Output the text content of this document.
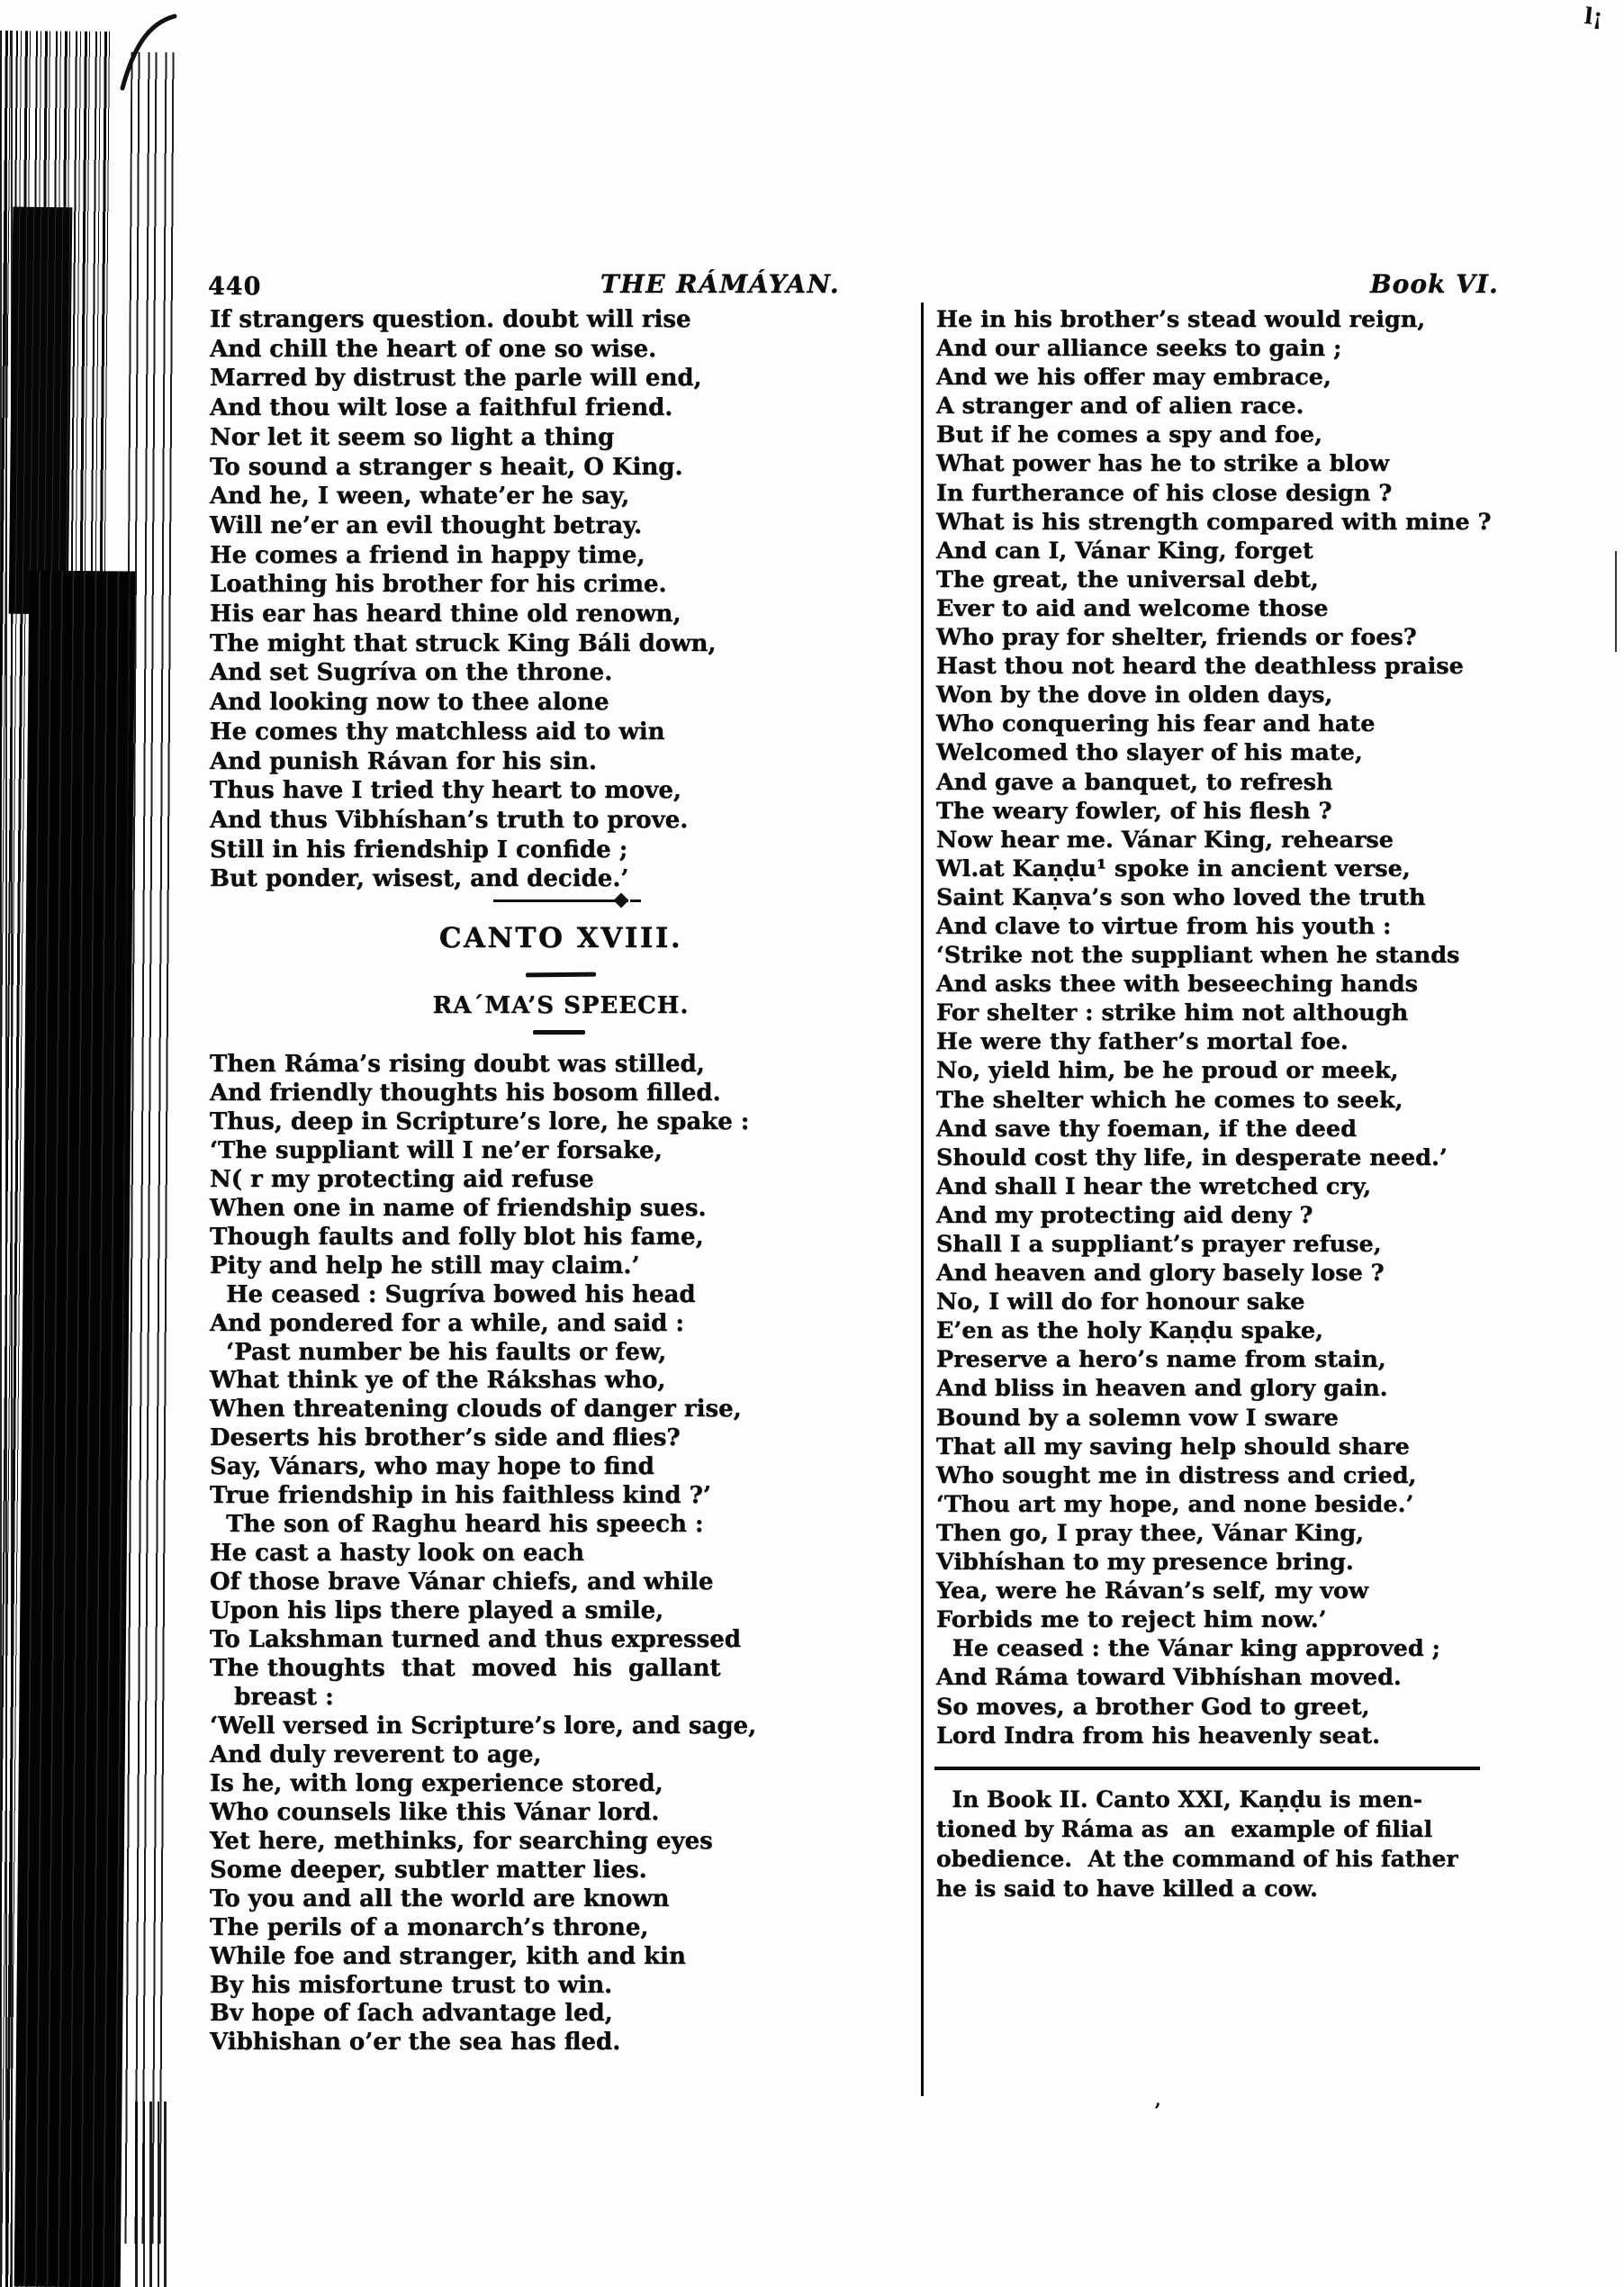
l¡
’
440	THE RÁMÁYAN.	Book VI.
If strangers question. doubt will rise
And chill the heart of one so wise.
Marred by distrust the parle will end,
And thou wilt lose a faithful friend.
Nor let it seem so light a thing
To sound a stranger s heait, O King.
And he, I ween, whate’er he say,
Will ne’er an evil thought betray.
He comes a friend in happy time,
Loathing his brother for his crime.
His ear has heard thine old renown,
The might that struck King Báli down,
And set Sugríva on the throne.
And looking now to thee alone
He comes thy matchless aid to win
And punish Rávan for his sin.
Thus have I tried thy heart to move,
And thus Vibhíshan’s truth to prove.
Still in his friendship I confide ;
But ponder, wisest, and decide.’
CANTO XVIII.
RA´MA’S SPEECH.
Then Ráma’s rising doubt was stilled,
And friendly thoughts his bosom filled.
Thus, deep in Scripture’s lore, he spake :
‘The suppliant will I ne’er forsake,
N( r my protecting aid refuse
When one in name of friendship sues.
Though faults and folly blot his fame,
Pity and help he still may claim.’
He ceased : Sugríva bowed his head
And pondered for a while, and said :
‘Past number be his faults or few,
What think ye of the Rákshas who,
When threatening clouds of danger rise,
Deserts his brother’s side and flies?
Say, Vánars, who may hope to find
True friendship in his faithless kind ?’
The son of Raghu heard his speech :
He cast a hasty look on each
Of those brave Vánar chiefs, and while
Upon his lips there played a smile,
To Lakshman turned and thus expressed
The thoughts  that  moved  his  gallant
breast :
‘Well versed in Scripture’s lore, and sage,
And duly reverent to age,
Is he, with long experience stored,
Who counsels like this Vánar lord.
Yet here, methinks, for searching eyes
Some deeper, subtler matter lies.
To you and all the world are known
The perils of a monarch’s throne,
While foe and stranger, kith and kin
By his misfortune trust to win.
Bv hope of ſach advantage led,
Vibhishan o’er the sea has fled.
He in his brother’s stead would reign,
And our alliance seeks to gain ;
And we his offer may embrace,
A stranger and of alien race.
But if he comes a spy and foe,
What power has he to strike a blow
In furtherance of his close design ?
What is his strength compared with mine ?
And can I, Vánar King, forget
The great, the universal debt,
Ever to aid and welcome those
Who pray for shelter, friends or foes?
Hast thou not heard the deathless praise
Won by the dove in olden days,
Who conquering his fear and hate
Welcomed tho slayer of his mate,
And gave a banquet, to refresh
The weary fowler, of his flesh ?
Now hear me. Vánar King, rehearse
Wl.at Kaṇḍu¹ spoke in ancient verse,
Saint Kaṇva’s son who loved the truth
And clave to virtue from his youth :
‘Strike not the suppliant when he stands
And asks thee with beseeching hands
For shelter : strike him not although
He were thy father’s mortal foe.
No, yield him, be he proud or meek,
The shelter which he comes to seek,
And save thy foeman, if the deed
Should cost thy life, in desperate need.’
And shall I hear the wretched cry,
And my protecting aid deny ?
Shall I a suppliant’s prayer refuse,
And heaven and glory basely lose ?
No, I will do for honour sake
E’en as the holy Kaṇḍu spake,
Preserve a hero’s name from stain,
And bliss in heaven and glory gain.
Bound by a solemn vow I sware
That all my saving help should share
Who sought me in distress and cried,
‘Thou art my hope, and none beside.’
Then go, I pray thee, Vánar King,
Vibhíshan to my presence bring.
Yea, were he Rávan’s self, my vow
Forbids me to reject him now.’
He ceased : the Vánar king approved ;
And Ráma toward Vibhíshan moved.
So moves, a brother God to greet,
Lord Indra from his heavenly seat.
In Book II. Canto XXI, Kaṇḍu is men-
tioned by Ráma as  an  example of filial
obedience.  At the command of his father
he is said to have killed a cow.
